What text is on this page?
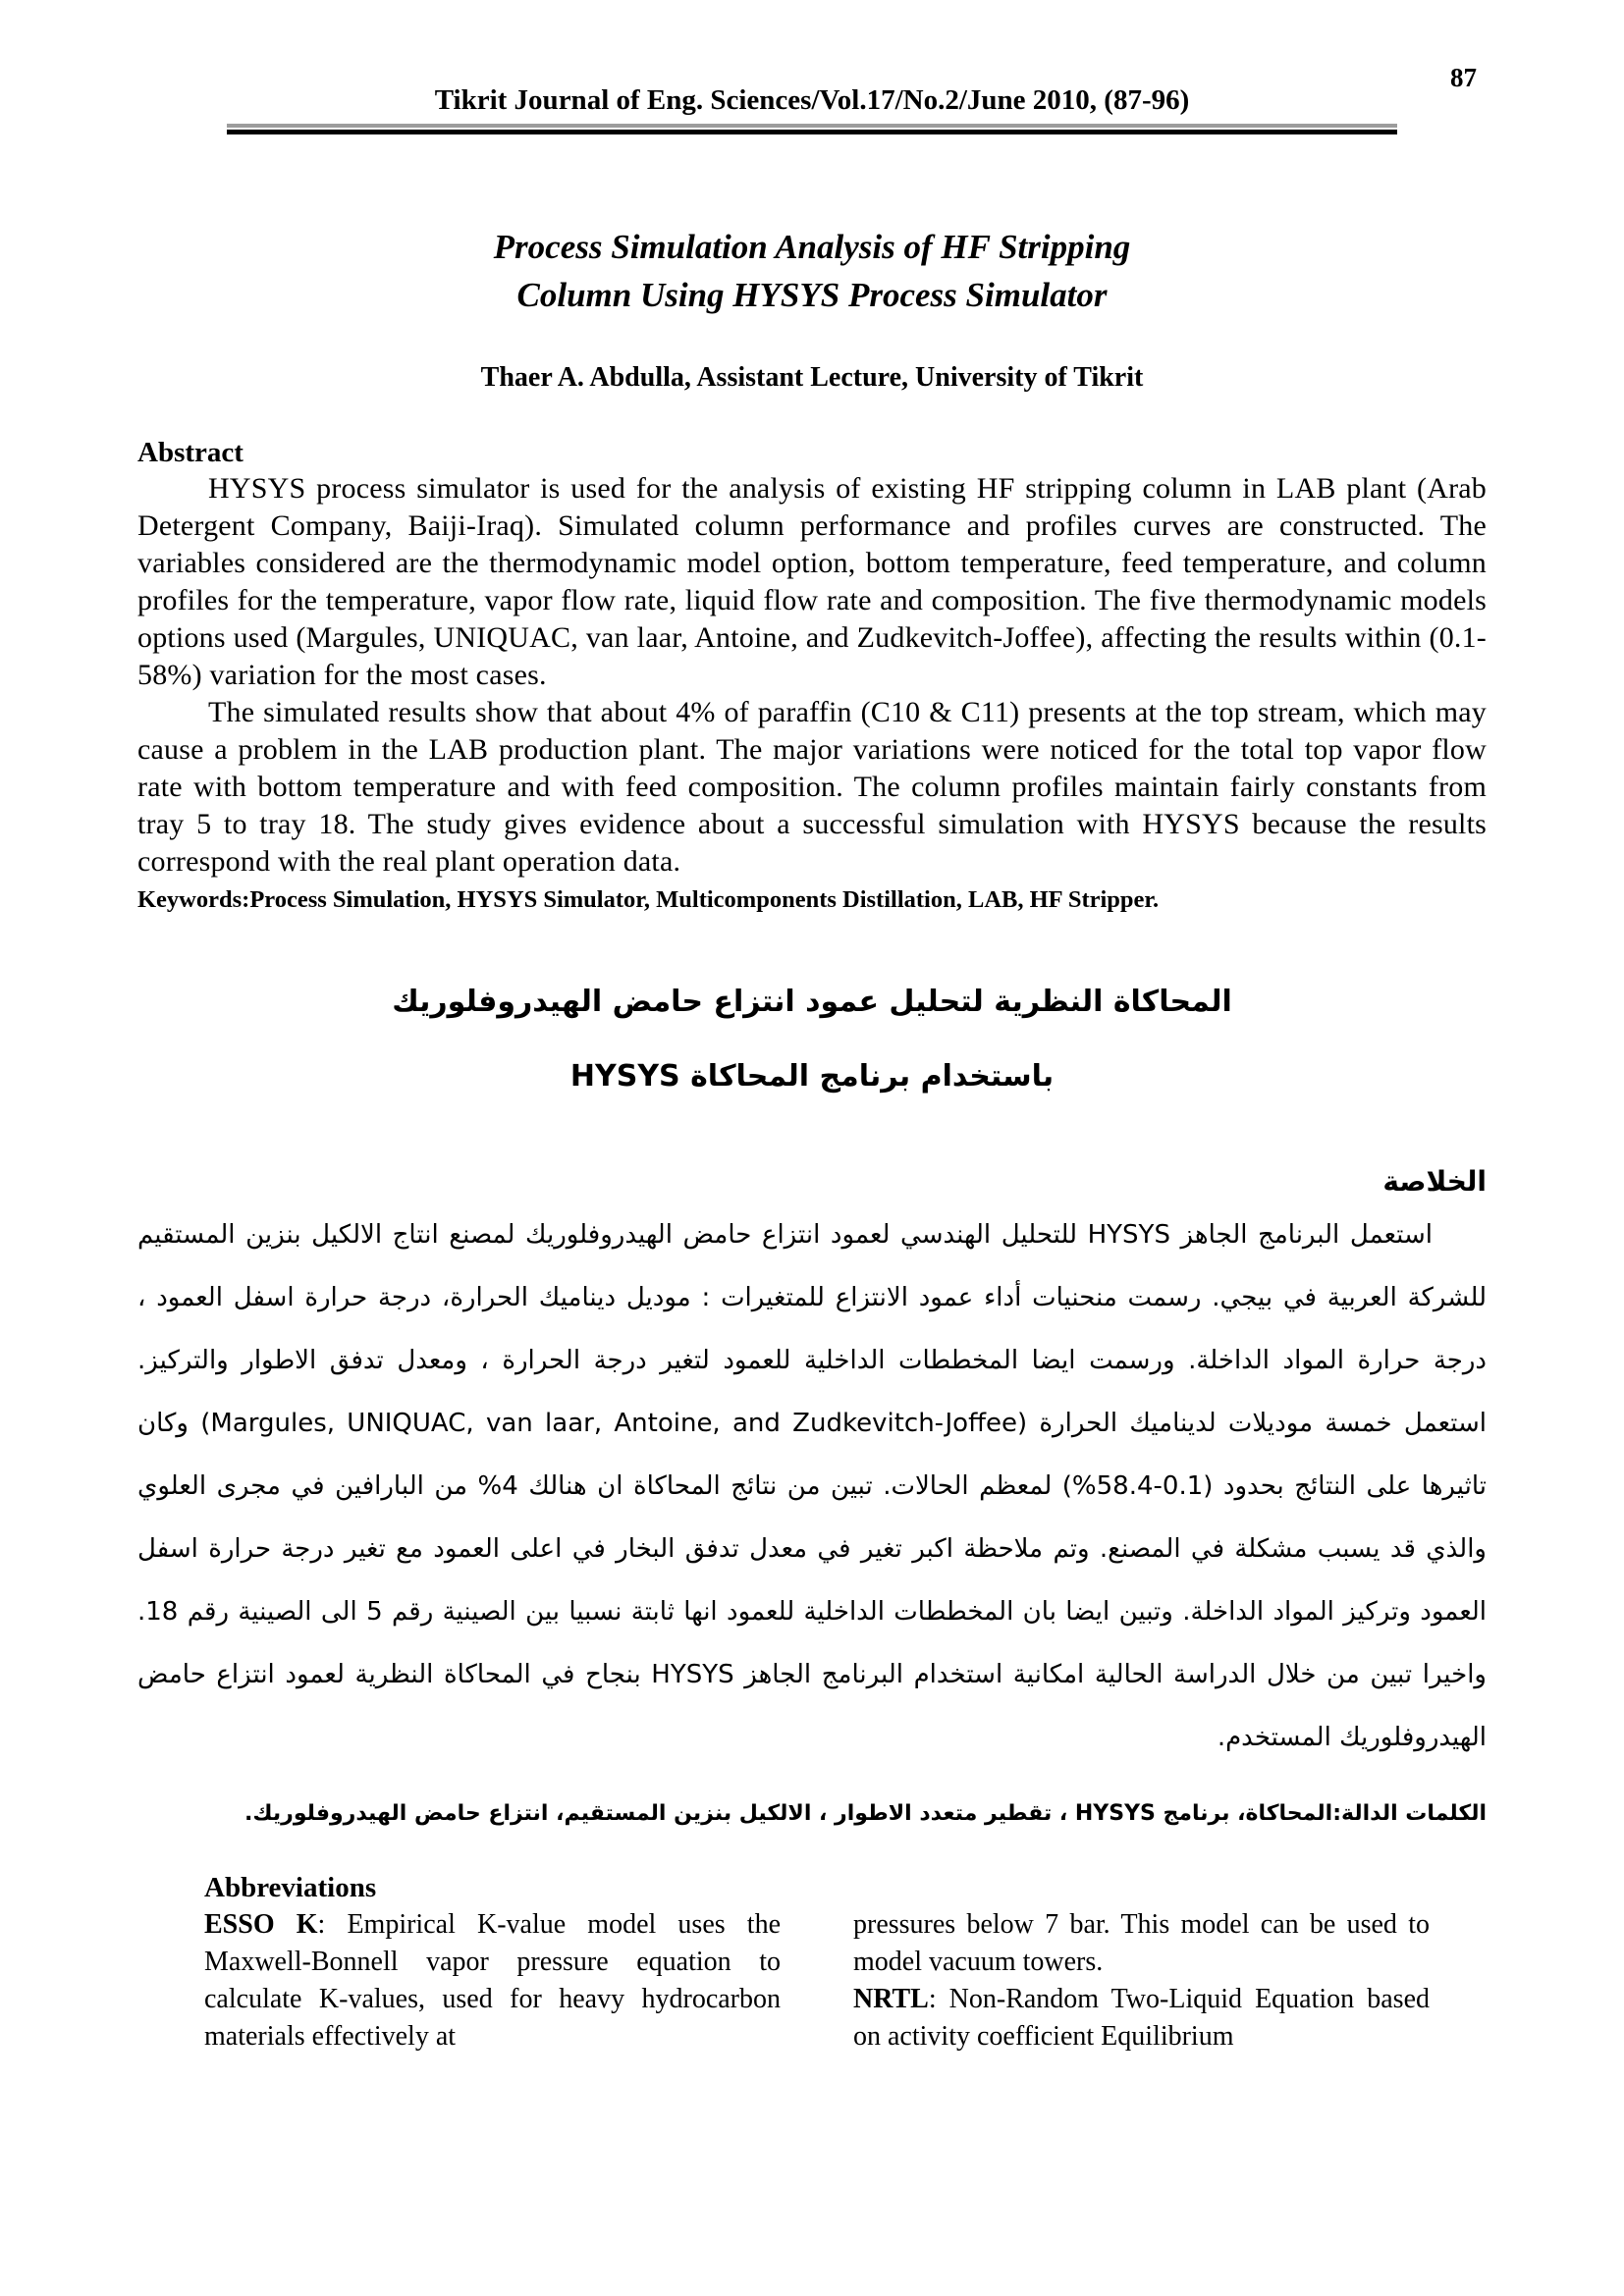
87
Tikrit Journal of Eng. Sciences/Vol.17/No.2/June 2010, (87-96)
Process Simulation Analysis of HF Stripping
Column Using HYSYS Process Simulator
Thaer A. Abdulla, Assistant Lecture, University of Tikrit
Abstract

HYSYS process simulator is used for the analysis of existing HF stripping column in LAB plant (Arab Detergent Company, Baiji-Iraq). Simulated column performance and profiles curves are constructed. The variables considered are the thermodynamic model option, bottom temperature, feed temperature, and column profiles for the temperature, vapor flow rate, liquid flow rate and composition. The five thermodynamic models options used (Margules, UNIQUAC, van laar, Antoine, and Zudkevitch-Joffee), affecting the results within (0.1-58%) variation for the most cases.

The simulated results show that about 4% of paraffin (C10 & C11) presents at the top stream, which may cause a problem in the LAB production plant. The major variations were noticed for the total top vapor flow rate with bottom temperature and with feed composition. The column profiles maintain fairly constants from tray 5 to tray 18. The study gives evidence about a successful simulation with HYSYS because the results correspond with the real plant operation data.

Keywords:Process Simulation, HYSYS Simulator, Multicomponents Distillation, LAB, HF Stripper.
المحاكاة النظرية لتحليل عمود انتزاع حامض الهيدروفلوريك
باستخدام برنامج المحاكاة HYSYS
الخلاصة

استعمل البرنامج الجاهز HYSYS للتحليل الهندسي لعمود انتزاع حامض الهيدروفلوريك لمصنع انتاج الالكيل بنزين المستقيم للشركة العربية في بيجي. رسمت منحنيات أداء عمود الانتزاع للمتغيرات : موديل ديناميك الحرارة، درجة حرارة اسفل العمود ، درجة حرارة المواد الداخلة. ورسمت ايضا المخططات الداخلية للعمود لتغير درجة الحرارة ، ومعدل تدفق الاطوار والتركيز. استعمل خمسة موديلات لديناميك الحرارة (Margules, UNIQUAC, van laar, Antoine, and Zudkevitch-Joffee) وكان تاثيرها على النتائج بحدود (0.1-58.4%) لمعظم الحالات. تبين من نتائج المحاكاة ان هنالك 4% من البارافين في مجرى العلوي والذي قد يسبب مشكلة في المصنع. وتم ملاحظة اكبر تغير في معدل تدفق البخار في اعلى العمود مع تغير درجة حرارة اسفل العمود وتركيز المواد الداخلة. وتبين ايضا بان المخططات الداخلية للعمود انها ثابتة نسبيا بين الصينية رقم 5 الى الصينية رقم 18. واخيرا تبين من خلال الدراسة الحالية امكانية استخدام البرنامج الجاهز HYSYS بنجاح في المحاكاة النظرية لعمود انتزاع حامض الهيدروفلوريك المستخدم.

الكلمات الدالة:المحاكاة، برنامج HYSYS ، تقطير متعدد الاطوار ، الالكيل بنزين المستقيم، انتزاع حامض الهيدروفلوريك.
Abbreviations

ESSO K: Empirical K-value model uses the Maxwell-Bonnell vapor pressure equation to calculate K-values, used for heavy hydrocarbon materials effectively at

pressures below 7 bar. This model can be used to model vacuum towers.

NRTL: Non-Random Two-Liquid Equation based on activity coefficient Equilibrium
